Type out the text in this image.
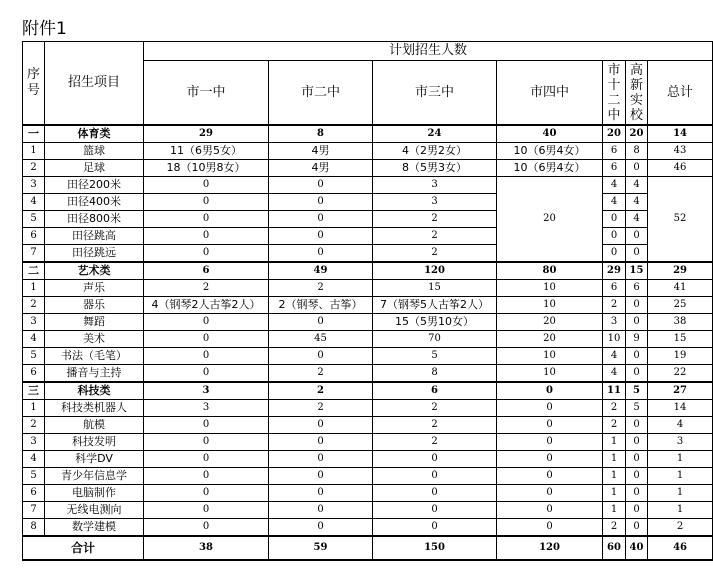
附件1
序号	招生项目	计划招生人数						
		市一中	市二中	市三中	市四中	市十二中	高新实校	总计
一	体育类	29	8	24	40	20	20	14
1	篮球	11（6男5女）	4男	4（2男2女）	10（6男4女）	6	8	43
2	足球	18（10男8女）	4男	8（5男3女）	10（6男4女）	6	0	46
3	田径200米	0	0	3	20	4	4	52
4	田径400米	0	0	3		4	4	
5	田径800米	0	0	2		0	4	
6	田径跳高	0	0	2		0	0	
7	田径跳远	0	0	2		0	0	
二	艺术类	6	49	120	80	29	15	29
1	声乐	2	2	15	10	6	6	41
2	器乐	4（钢琴2人古筝2人）	2（钢琴、古筝）	7（钢琴5人古筝2人）	10	2	0	25
3	舞蹈	0	0	15（5男10女）	20	3	0	38
4	美术	0	45	70	20	10	9	15
5	书法（毛笔）	0	0	5	10	4	0	19
6	播音与主持	0	2	8	10	4	0	22
三	科技类	3	2	6	0	11	5	27
1	科技类机器人	3	2	2	0	2	5	14
2	航模	0	0	2	0	2	0	4
3	科技发明	0	0	2	0	1	0	3
4	科学DV	0	0	0	0	1	0	1
5	青少年信息学	0	0	0	0	1	0	1
6	电脑制作	0	0	0	0	1	0	1
7	无线电测向	0	0	0	0	1	0	1
8	数学建模	0	0	0	0	2	0	2
合计		38	59	150	120	60	40	46
